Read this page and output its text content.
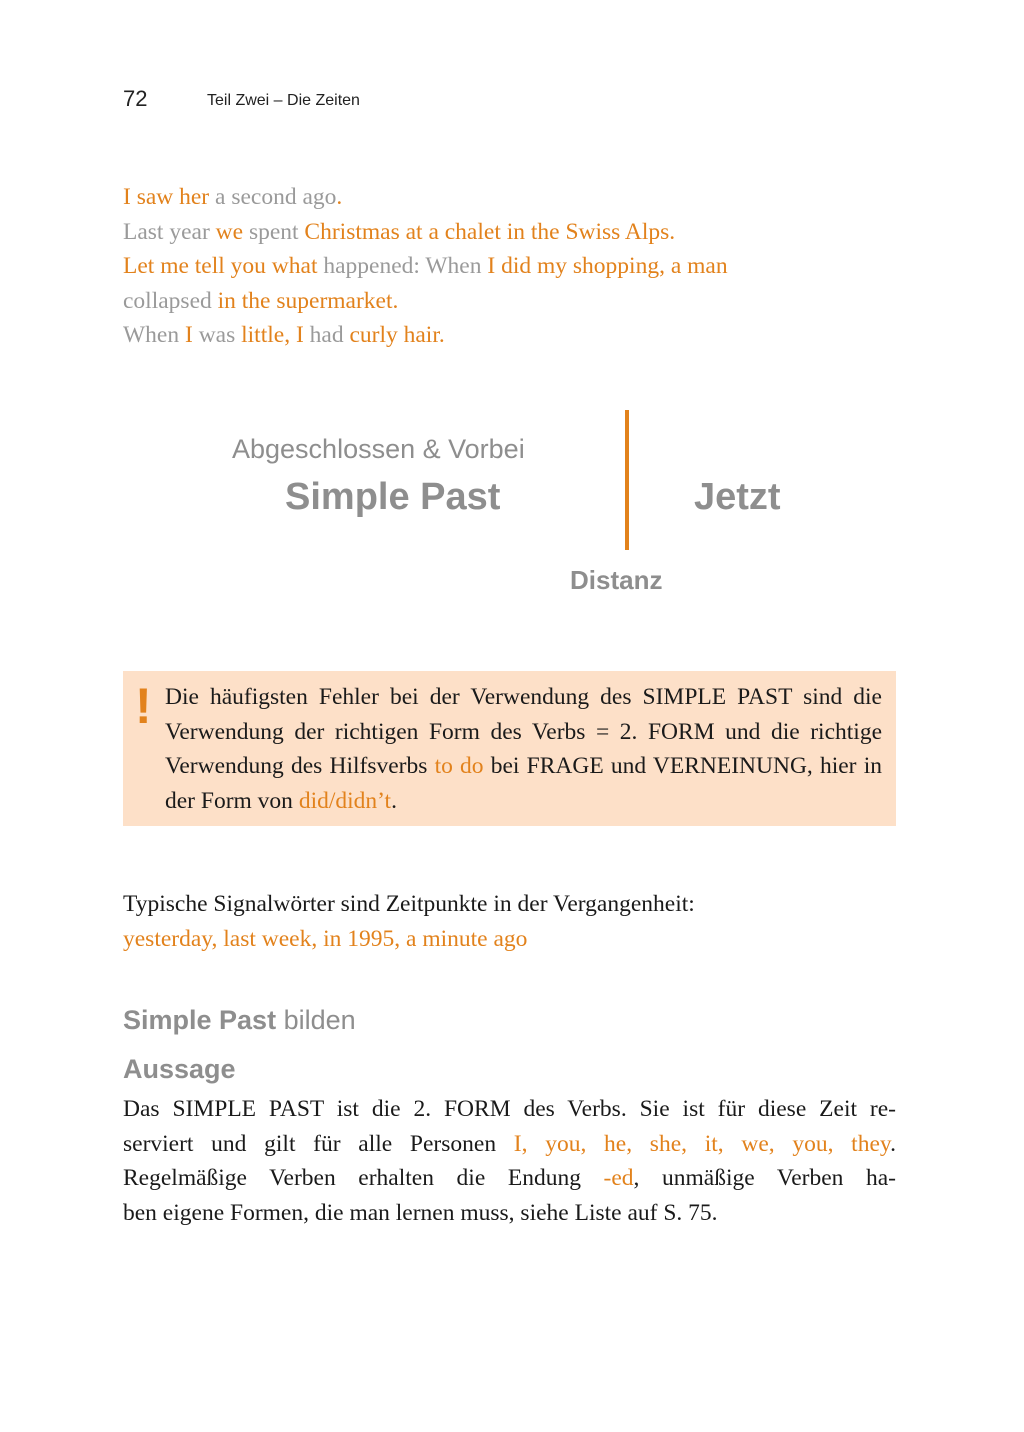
72	Teil Zwei – Die Zeiten
I saw her a second ago.
Last year we spent Christmas at a chalet in the Swiss Alps.
Let me tell you what happened: When I did my shopping, a man
collapsed in the supermarket.
When I was little, I had curly hair.
Abgeschlossen & Vorbei
Simple Past	Jetzt
Distanz
! Die häufigsten Fehler bei der Verwendung des SIMPLE PAST sind die Verwendung der richtigen Form des Verbs = 2. FORM und die richtige Verwendung des Hilfsverbs to do bei FRAGE und VERNEINUNG, hier in der Form von did/didn’t.
Typische Signalwörter sind Zeitpunkte in der Vergangenheit:
yesterday, last week, in 1995, a minute ago
Simple Past bilden
Aussage
Das SIMPLE PAST ist die 2. FORM des Verbs. Sie ist für diese Zeit re-
serviert und gilt für alle Personen I, you, he, she, it, we, you, they.
Regelmäßige Verben erhalten die Endung -ed, unmäßige Verben ha-
ben eigene Formen, die man lernen muss, siehe Liste auf S. 75.
